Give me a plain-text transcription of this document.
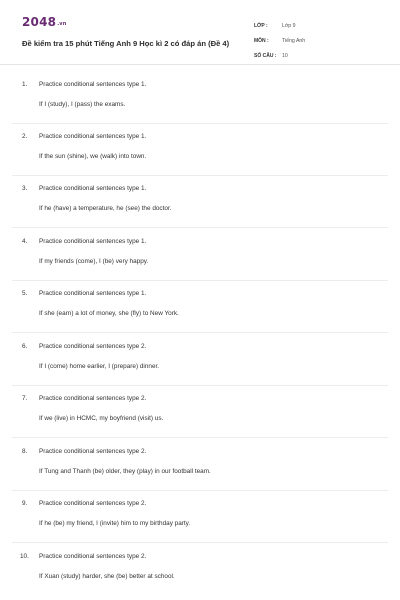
2048.vn
Đề kiểm tra 15 phút Tiếng Anh 9 Học kì 2 có đáp án (Đề 4)
LỚP :	Lớp 9
MÔN :	Tiếng Anh
SỐ CÂU :	10
1. Practice conditional sentences type 1.
If I (study), I (pass) the exams.
2. Practice conditional sentences type 1.
If the sun (shine), we (walk) into town.
3. Practice conditional sentences type 1.
If he (have) a temperature, he (see) the doctor.
4. Practice conditional sentences type 1.
If my friends (come), I (be) very happy.
5. Practice conditional sentences type 1.
If she (earn) a lot of money, she (fly) to New York.
6. Practice conditional sentences type 2.
If I (come) home earlier, I (prepare) dinner.
7. Practice conditional sentences type 2.
If we (live) in HCMC, my boyfriend (visit) us.
8. Practice conditional sentences type 2.
If Tung and Thanh (be) older, they (play) in our football team.
9. Practice conditional sentences type 2.
If he (be) my friend, I (invite) him to my birthday party.
10. Practice conditional sentences type 2.
If Xuan (study) harder, she (be) better at school.
